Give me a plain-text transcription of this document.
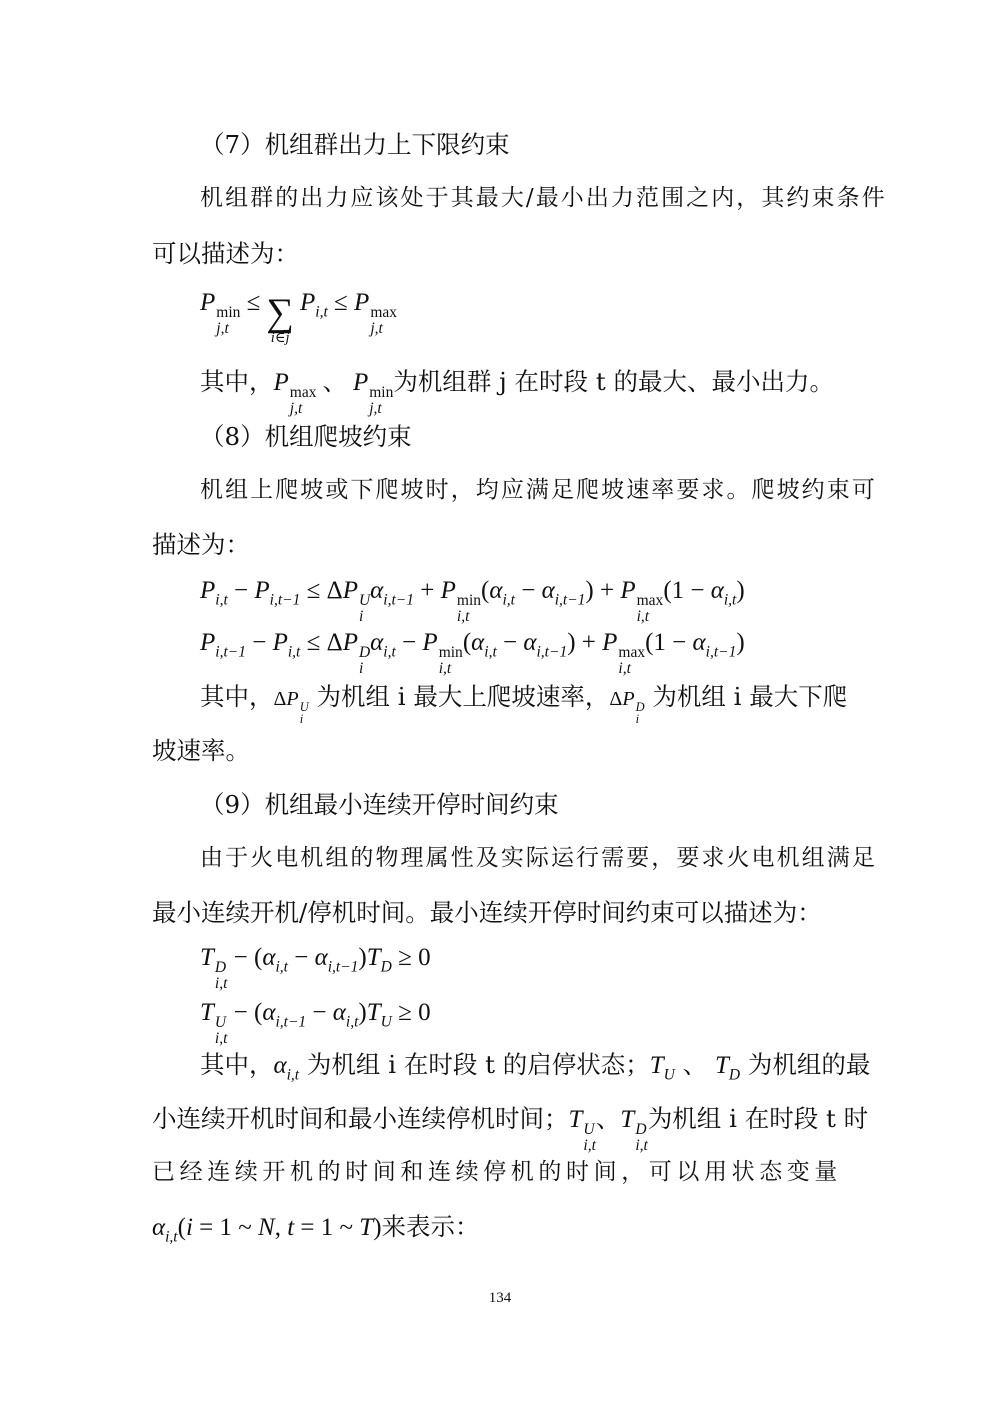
（7）机组群出力上下限约束
机组群的出力应该处于其最大/最小出力范围之内，其约束条件
可以描述为：
P min
j,t
≤ ∑
i∈j
$P_{i,t} \le P$ max
j,t
其中，P max
j,t
、 P min
j,t
为机组群 j 在时段 t 的最大、最小出力。
（8）机组爬坡约束
机组上爬坡或下爬坡时，均应满足爬坡速率要求。爬坡约束可
描述为：
$P_{i,t} - P_{i,t-1} \le \Delta P$ U
i
$\alpha_{i,t-1} + P$ min
i,t
$(\alpha_{i,t} - \alpha_{i,t-1}) + P$ max
i,t
$(1 - \alpha_{i,t})$
$P_{i,t-1} - P_{i,t} \le \Delta P$ D
i
$\alpha_{i,t} - P$ min
i,t
$(\alpha_{i,t} - \alpha_{i,t-1}) + P$ max
i,t
$(1 - \alpha_{i,t-1})$
其中，ΔP U
i
为机组 i 最大上爬坡速率，ΔP D
i
为机组 i 最大下爬
坡速率。
（9）机组最小连续开停时间约束
由于火电机组的物理属性及实际运行需要，要求火电机组满足
最小连续开机/停机时间。最小连续开停时间约束可以描述为：
T D
i,t
− $(\alpha_{i,t} - \alpha_{i,t-1})T_D \ge 0$
T U
i,t
− $(\alpha_{i,t-1} - \alpha_{i,t})T_U \ge 0$
其中，$\alpha_{i,t}$ 为机组 i 在时段 t 的启停状态；$T_U$ 、 $T_D$ 为机组的最
小连续开机时间和最小连续停机时间；T U
i,t
、T D
i,t
为机组 i 在时段 t 时
已经连续开机的时间和连续停机的时间，可以用状态变量
$\alpha_{i,t}(i = 1$ ~ N, t = 1 ~ T)来表示：
134
